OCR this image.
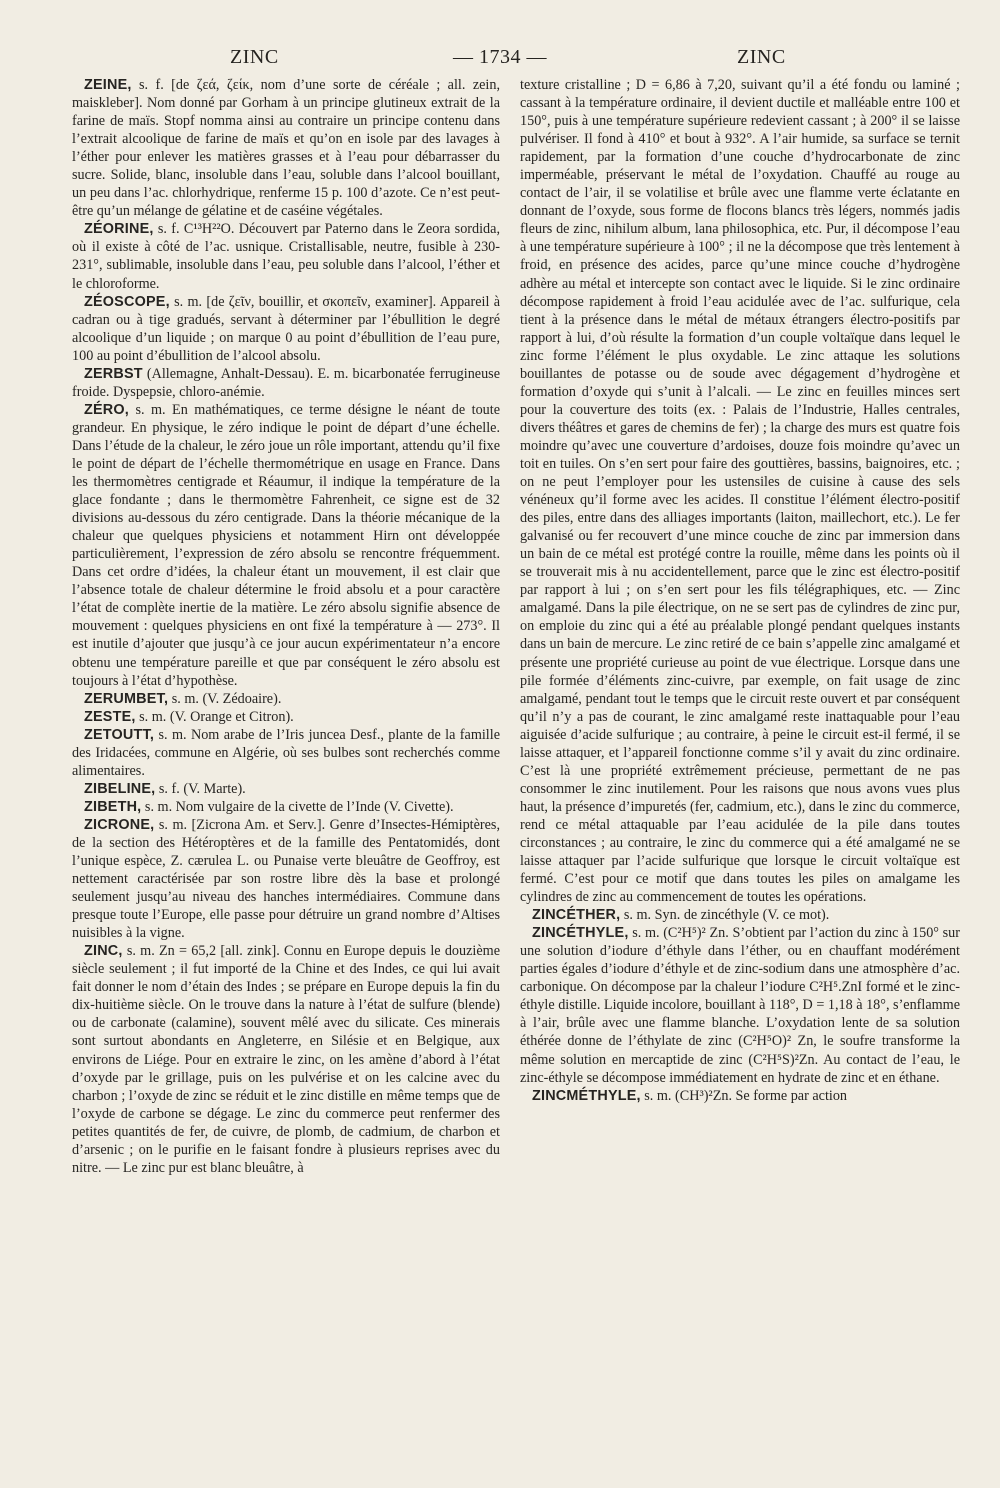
ZINC	— 1734 —	ZINC

ZEINE, s. f. [de ζεά, ζείκ, nom d’une sorte de céréale ; all. zein, maiskleber]. Nom donné par Gorham à un principe glutineux extrait de la farine de maïs. Stopf nomma ainsi au contraire un principe contenu dans l’extrait alcoolique de farine de maïs et qu’on en isole par des lavages à l’éther pour enlever les matières grasses et à l’eau pour débarrasser du sucre. Solide, blanc, insoluble dans l’eau, soluble dans l’alcool bouillant, un peu dans l’ac. chlorhydrique, renferme 15 p. 100 d’azote. Ce n’est peut-être qu’un mélange de gélatine et de caséine végétales.

ZÉORINE, s. f. C¹³H²²O. Découvert par Paterno dans le Zeora sordida, où il existe à côté de l’ac. usnique. Cristallisable, neutre, fusible à 230-231°, sublimable, insoluble dans l’eau, peu soluble dans l’alcool, l’éther et le chloroforme.

ZÉOSCOPE, s. m. [de ζεῖν, bouillir, et σκοπεῖν, examiner]. Appareil à cadran ou à tige gradués, servant à déterminer par l’ébullition le degré alcoolique d’un liquide ; on marque 0 au point d’ébullition de l’eau pure, 100 au point d’ébullition de l’alcool absolu.

ZERBST (Allemagne, Anhalt-Dessau). E. m. bicarbonatée ferrugineuse froide. Dyspepsie, chloro-anémie.

ZÉRO, s. m. En mathématiques, ce terme désigne le néant de toute grandeur. En physique, le zéro indique le point de départ d’une échelle. Dans l’étude de la chaleur, le zéro joue un rôle important, attendu qu’il fixe le point de départ de l’échelle thermométrique en usage en France. Dans les thermomètres centigrade et Réaumur, il indique la température de la glace fondante ; dans le thermomètre Fahrenheit, ce signe est de 32 divisions au-dessous du zéro centigrade. Dans la théorie mécanique de la chaleur que quelques physiciens et notamment Hirn ont développée particulièrement, l’expression de zéro absolu se rencontre fréquemment. Dans cet ordre d’idées, la chaleur étant un mouvement, il est clair que l’absence totale de chaleur détermine le froid absolu et a pour caractère l’état de complète inertie de la matière. Le zéro absolu signifie absence de mouvement : quelques physiciens en ont fixé la température à — 273°. Il est inutile d’ajouter que jusqu’à ce jour aucun expérimentateur n’a encore obtenu une température pareille et que par conséquent le zéro absolu est toujours à l’état d’hypothèse.

ZERUMBET, s. m. (V. Zédoaire).

ZESTE, s. m. (V. Orange et Citron).

ZETOUTT, s. m. Nom arabe de l’Iris juncea Desf., plante de la famille des Iridacées, commune en Algérie, où ses bulbes sont recherchés comme alimentaires.

ZIBELINE, s. f. (V. Marte).

ZIBETH, s. m. Nom vulgaire de la civette de l’Inde (V. Civette).

ZICRONE, s. m. [Zicrona Am. et Serv.]. Genre d’Insectes-Hémiptères, de la section des Hétéroptères et de la famille des Pentatomidés, dont l’unique espèce, Z. cærulea L. ou Punaise verte bleuâtre de Geoffroy, est nettement caractérisée par son rostre libre dès la base et prolongé seulement jusqu’au niveau des hanches intermédiaires. Commune dans presque toute l’Europe, elle passe pour détruire un grand nombre d’Altises nuisibles à la vigne.

ZINC, s. m. Zn = 65,2 [all. zink]. Connu en Europe depuis le douzième siècle seulement ; il fut importé de la Chine et des Indes, ce qui lui avait fait donner le nom d’étain des Indes ; se prépare en Europe depuis la fin du dix-huitième siècle. On le trouve dans la nature à l’état de sulfure (blende) ou de carbonate (calamine), souvent mêlé avec du silicate. Ces minerais sont surtout abondants en Angleterre, en Silésie et en Belgique, aux environs de Liége. Pour en extraire le zinc, on les amène d’abord à l’état d’oxyde par le grillage, puis on les pulvérise et on les calcine avec du charbon ; l’oxyde de zinc se réduit et le zinc distille en même temps que de l’oxyde de carbone se dégage. Le zinc du commerce peut renfermer des petites quantités de fer, de cuivre, de plomb, de cadmium, de charbon et d’arsenic ; on le purifie en le faisant fondre à plusieurs reprises avec du nitre. — Le zinc pur est blanc bleuâtre, à

texture cristalline ; D = 6,86 à 7,20, suivant qu’il a été fondu ou laminé ; cassant à la température ordinaire, il devient ductile et malléable entre 100 et 150°, puis à une température supérieure redevient cassant ; à 200° il se laisse pulvériser. Il fond à 410° et bout à 932°. A l’air humide, sa surface se ternit rapidement, par la formation d’une couche d’hydrocarbonate de zinc imperméable, préservant le métal de l’oxydation. Chauffé au rouge au contact de l’air, il se volatilise et brûle avec une flamme verte éclatante en donnant de l’oxyde, sous forme de flocons blancs très légers, nommés jadis fleurs de zinc, nihilum album, lana philosophica, etc. Pur, il décompose l’eau à une température supérieure à 100° ; il ne la décompose que très lentement à froid, en présence des acides, parce qu’une mince couche d’hydrogène adhère au métal et intercepte son contact avec le liquide. Si le zinc ordinaire décompose rapidement à froid l’eau acidulée avec de l’ac. sulfurique, cela tient à la présence dans le métal de métaux étrangers électro-positifs par rapport à lui, d’où résulte la formation d’un couple voltaïque dans lequel le zinc forme l’élément le plus oxydable. Le zinc attaque les solutions bouillantes de potasse ou de soude avec dégagement d’hydrogène et formation d’oxyde qui s’unit à l’alcali. — Le zinc en feuilles minces sert pour la couverture des toits (ex. : Palais de l’Industrie, Halles centrales, divers théâtres et gares de chemins de fer) ; la charge des murs est quatre fois moindre qu’avec une couverture d’ardoises, douze fois moindre qu’avec un toit en tuiles. On s’en sert pour faire des gouttières, bassins, baignoires, etc. ; on ne peut l’employer pour les ustensiles de cuisine à cause des sels vénéneux qu’il forme avec les acides. Il constitue l’élément électro-positif des piles, entre dans des alliages importants (laiton, maillechort, etc.). Le fer galvanisé ou fer recouvert d’une mince couche de zinc par immersion dans un bain de ce métal est protégé contre la rouille, même dans les points où il se trouverait mis à nu accidentellement, parce que le zinc est électro-positif par rapport à lui ; on s’en sert pour les fils télégraphiques, etc. — Zinc amalgamé. Dans la pile électrique, on ne se sert pas de cylindres de zinc pur, on emploie du zinc qui a été au préalable plongé pendant quelques instants dans un bain de mercure. Le zinc retiré de ce bain s’appelle zinc amalgamé et présente une propriété curieuse au point de vue électrique. Lorsque dans une pile formée d’éléments zinc-cuivre, par exemple, on fait usage de zinc amalgamé, pendant tout le temps que le circuit reste ouvert et par conséquent qu’il n’y a pas de courant, le zinc amalgamé reste inattaquable pour l’eau aiguisée d’acide sulfurique ; au contraire, à peine le circuit est-il fermé, il se laisse attaquer, et l’appareil fonctionne comme s’il y avait du zinc ordinaire. C’est là une propriété extrêmement précieuse, permettant de ne pas consommer le zinc inutilement. Pour les raisons que nous avons vues plus haut, la présence d’impuretés (fer, cadmium, etc.), dans le zinc du commerce, rend ce métal attaquable par l’eau acidulée de la pile dans toutes circonstances ; au contraire, le zinc du commerce qui a été amalgamé ne se laisse attaquer par l’acide sulfurique que lorsque le circuit voltaïque est fermé. C’est pour ce motif que dans toutes les piles on amalgame les cylindres de zinc au commencement de toutes les opérations.

ZINCÉTHER, s. m. Syn. de zincéthyle (V. ce mot).

ZINCÉTHYLE, s. m. (C²H⁵)² Zn. S’obtient par l’action du zinc à 150° sur une solution d’iodure d’éthyle dans l’éther, ou en chauffant modérément parties égales d’iodure d’éthyle et de zinc-sodium dans une atmosphère d’ac. carbonique. On décompose par la chaleur l’iodure C²H⁵.ZnI formé et le zinc-éthyle distille. Liquide incolore, bouillant à 118°, D = 1,18 à 18°, s’enflamme à l’air, brûle avec une flamme blanche. L’oxydation lente de sa solution éthérée donne de l’éthylate de zinc (C²H⁵O)² Zn, le soufre transforme la même solution en mercaptide de zinc (C²H⁵S)²Zn. Au contact de l’eau, le zinc-éthyle se décompose immédiatement en hydrate de zinc et en éthane.

ZINCMÉTHYLE, s. m. (CH³)²Zn. Se forme par action
